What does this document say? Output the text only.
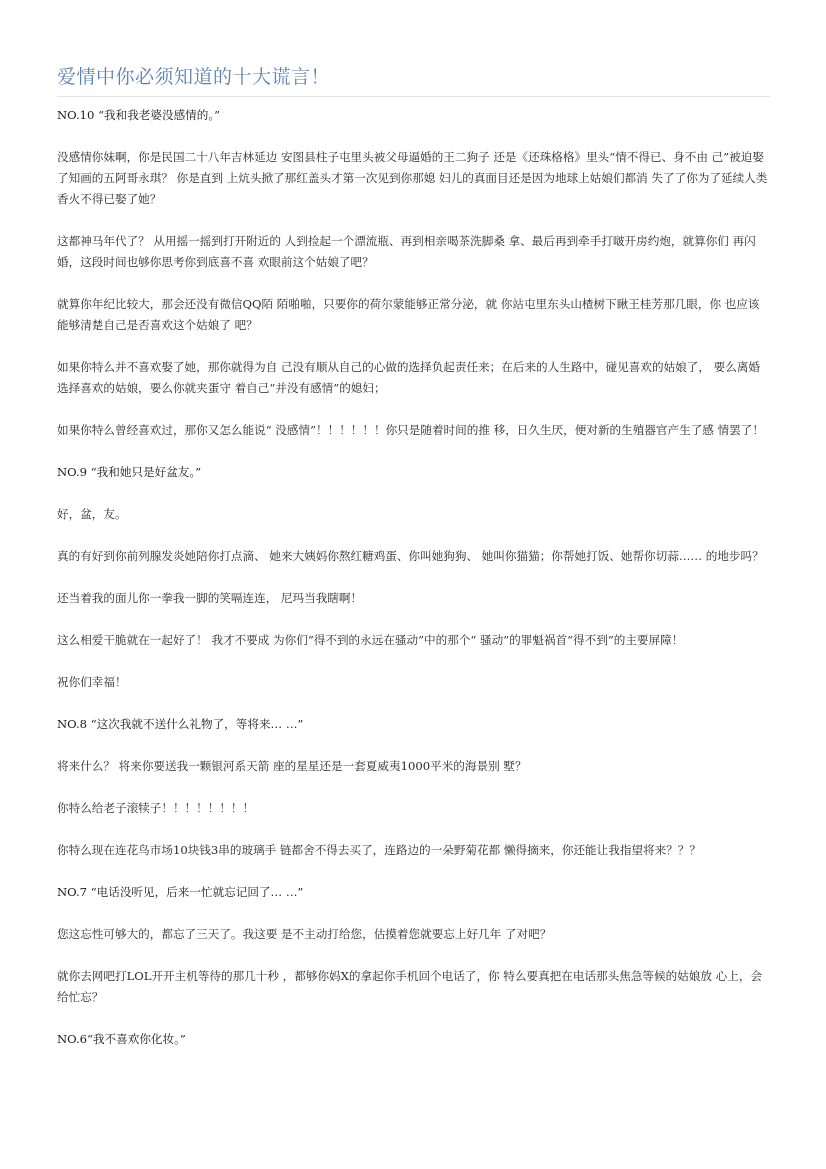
爱情中你必须知道的十大谎言！

NO.10 “我和我老婆没感情的。”

没感情你妹啊，你是民国二十八年吉林延边 安图县柱子屯里头被父母逼婚的王二狗子 还是《还珠格格》里头“情不得已、身不由 己”被迫娶了知画的五阿哥永琪？ 你是直到 上炕头掀了那红盖头才第一次见到你那媳 妇儿的真面目还是因为地球上姑娘们都消 失了了你为了延续人类香火不得已娶了她？

这都神马年代了？ 从用摇一摇到打开附近的 人到捡起一个漂流瓶、再到相亲喝茶洗脚桑 拿、最后再到牵手打啵开房约炮，就算你们 再闪婚，这段时间也够你思考你到底喜不喜 欢眼前这个姑娘了吧？

就算你年纪比较大，那会还没有微信QQ陌 陌啪啪，只要你的荷尔蒙能够正常分泌，就 你站屯里东头山楂树下瞅王桂芳那几眼，你 也应该能够清楚自己是否喜欢这个姑娘了 吧？

如果你特么并不喜欢娶了她，那你就得为自 己没有顺从自己的心做的选择负起责任来；在后来的人生路中，碰见喜欢的姑娘了， 要么离婚选择喜欢的姑娘，要么你就夹蛋守 着自己“并没有感情”的媳妇；

如果你特么曾经喜欢过，那你又怎么能说“ 没感情”！！！！！！你只是随着时间的推 移，日久生厌，便对新的生殖器官产生了感 情罢了！

NO.9 “我和她只是好盆友。”

好，盆，友。

真的有好到你前列腺发炎她陪你打点滴、 她来大姨妈你熬红糖鸡蛋、你叫她狗狗、 她叫你猫猫；你帮她打饭、她帮你切蒜…… 的地步吗？

还当着我的面儿你一拳我一脚的笑嗝连连， 尼玛当我瞎啊！

这么相爱干脆就在一起好了！ 我才不要成 为你们“得不到的永远在骚动”中的那个“ 骚动”的罪魁祸首“得不到”的主要屏障！

祝你们幸福！

NO.8 “这次我就不送什么礼物了，等将来… …”

将来什么？ 将来你要送我一颗银河系天箭 座的星星还是一套夏威夷1000平米的海景别 墅？

你特么给老子滚犊子！！！！！！！！

你特么现在连花鸟市场10块钱3串的玻璃手 链都舍不得去买了，连路边的一朵野菊花都 懒得摘来，你还能让我指望将来？？？

NO.7 “电话没听见，后来一忙就忘记回了… …”

您这忘性可够大的，都忘了三天了。我这要 是不主动打给您，估摸着您就要忘上好几年 了对吧？

就你去网吧打LOL开开主机等待的那几十秒 ，都够你妈X的拿起你手机回个电话了，你 特么要真把在电话那头焦急等候的姑娘放 心上，会给忙忘？

NO.6“我不喜欢你化妆。”
